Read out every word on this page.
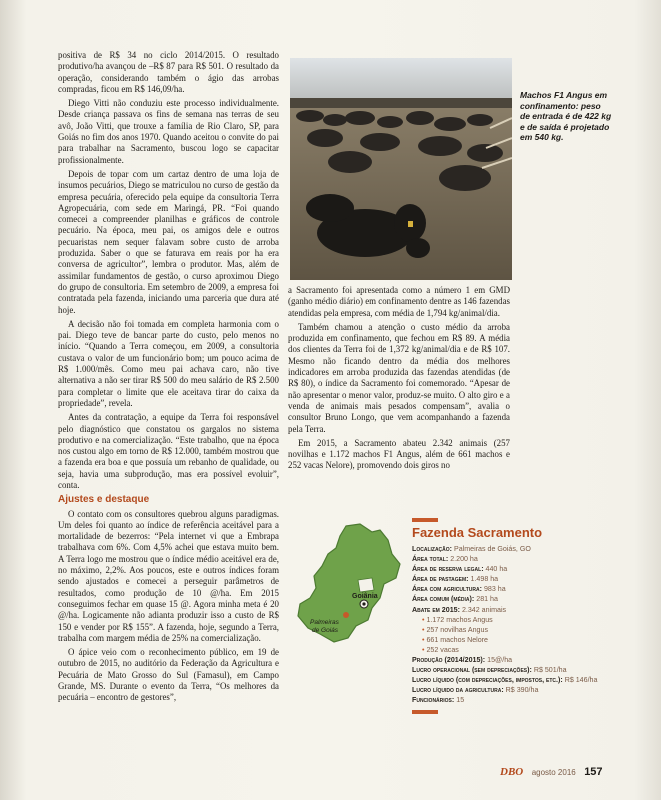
positiva de R$ 34 no ciclo 2014/2015. O resultado produtivo/ha avançou de –R$ 87 para R$ 501. O resultado da operação, considerando também o ágio das arrobas compradas, ficou em R$ 146,09/ha.

Diego Vitti não conduziu este processo individualmente. Desde criança passava os fins de semana nas terras de seu avô, João Vitti, que trouxe a família de Rio Claro, SP, para Goiás no fim dos anos 1970. Quando aceitou o convite do pai para trabalhar na Sacramento, buscou logo se capacitar profissionalmente.

Depois de topar com um cartaz dentro de uma loja de insumos pecuários, Diego se matriculou no curso de gestão da empresa pecuária, oferecido pela equipe da consultoria Terra Agropecuária, com sede em Maringá, PR. “Foi quando comecei a compreender planilhas e gráficos de controle pecuário. Na época, meu pai, os amigos dele e outros pecuaristas nem sequer falavam sobre custo de arroba produzida. Saber o que se faturava em reais por ha era conversa de agricultor”, lembra o produtor. Mas, além de assimilar fundamentos de gestão, o curso aproximou Diego do grupo de consultoria. Em setembro de 2009, a empresa foi contratada pela fazenda, iniciando uma parceria que dura até hoje.

A decisão não foi tomada em completa harmonia com o pai. Diego teve de bancar parte do custo, pelo menos no início. “Quando a Terra começou, em 2009, a consultoria custava o valor de um funcionário bom; um pouco acima de R$ 1.000/mês. Como meu pai achava caro, não tive alternativa a não ser tirar R$ 500 do meu salário de R$ 2.500 para completar o limite que ele aceitava tirar do caixa da propriedade”, revela.

Antes da contratação, a equipe da Terra foi responsável pelo diagnóstico que constatou os gargalos no sistema produtivo e na comercialização. “Este trabalho, que na época nos custou algo em torno de R$ 12.000, também mostrou que a fazenda era boa e que possuía um rebanho de qualidade, ou seja, havia uma subprodução, mas era possível evoluir”, conta.

Ajustes e destaque

O contato com os consultores quebrou alguns paradigmas. Um deles foi quanto ao índice de referência aceitável para a mortalidade de bezerros: “Pela internet vi que a Embrapa trabalhava com 6%. Com 4,5% achei que estava muito bem. A Terra logo me mostrou que o índice médio aceitável era de, no máximo, 2,2%. Aos poucos, este e outros índices foram sendo ajustados e comecei a perseguir parâmetros de resultados, como produção de 10 @/ha. Em 2015 conseguimos fechar em quase 15 @. Agora minha meta é 20 @/ha. Logicamente não adianta produzir isso a custo de R$ 150 e vender por R$ 155”. A fazenda, hoje, segundo a Terra, trabalha com margem média de 25% na comercialização.

O ápice veio com o reconhecimento público, em 19 de outubro de 2015, no auditório da Federação da Agricultura e Pecuária de Mato Grosso do Sul (Famasul), em Campo Grande, MS. Durante o evento da Terra, “Os melhores da pecuária – encontro de gestores”,

Machos F1 Angus em confinamento: peso de entrada é de 422 kg e de saída é projetado em 540 kg.

a Sacramento foi apresentada como a número 1 em GMD (ganho médio diário) em confinamento dentre as 146 fazendas atendidas pela empresa, com média de 1,794 kg/animal/dia.

Também chamou a atenção o custo médio da arroba produzida em confinamento, que fechou em R$ 89. A média dos clientes da Terra foi de 1,372 kg/animal/dia e de R$ 107. Mesmo não ficando dentro da média dos melhores indicadores em arroba produzida das fazendas atendidas (de R$ 80), o índice da Sacramento foi comemorado. “Apesar de não apresentar o menor valor, produz-se muito. O alto giro e a venda de animais mais pesados compensam”, avalia o consultor Bruno Longo, que vem acompanhando a fazenda pela Terra.

Em 2015, a Sacramento abateu 2.342 animais (257 novilhas e 1.172 machos F1 Angus, além de 661 machos e 252 vacas Nelore), promovendo dois giros no

Goiânia
Palmeiras
de Goiás
Fazenda Sacramento
Localização: Palmeiras de Goiás, GO
Área total: 2.200 ha
Área de reserva legal: 440 ha
Área de pastagem: 1.498 ha
Área com agricultura: 983 ha
Área comum (média): 281 ha
Abate em 2015: 2.342 animais
• 1.172 machos Angus
• 257 novilhas Angus
• 661 machos Nelore
• 252 vacas
Produção (2014/2015): 15@/ha
Lucro operacional (sem depreciações): R$ 501/ha
Lucro líquido (com depreciações, impostos, etc.): R$ 146/ha
Lucro líquido da agricultura: R$ 390/ha
Funcionários: 15
DBO agosto 2016 157
